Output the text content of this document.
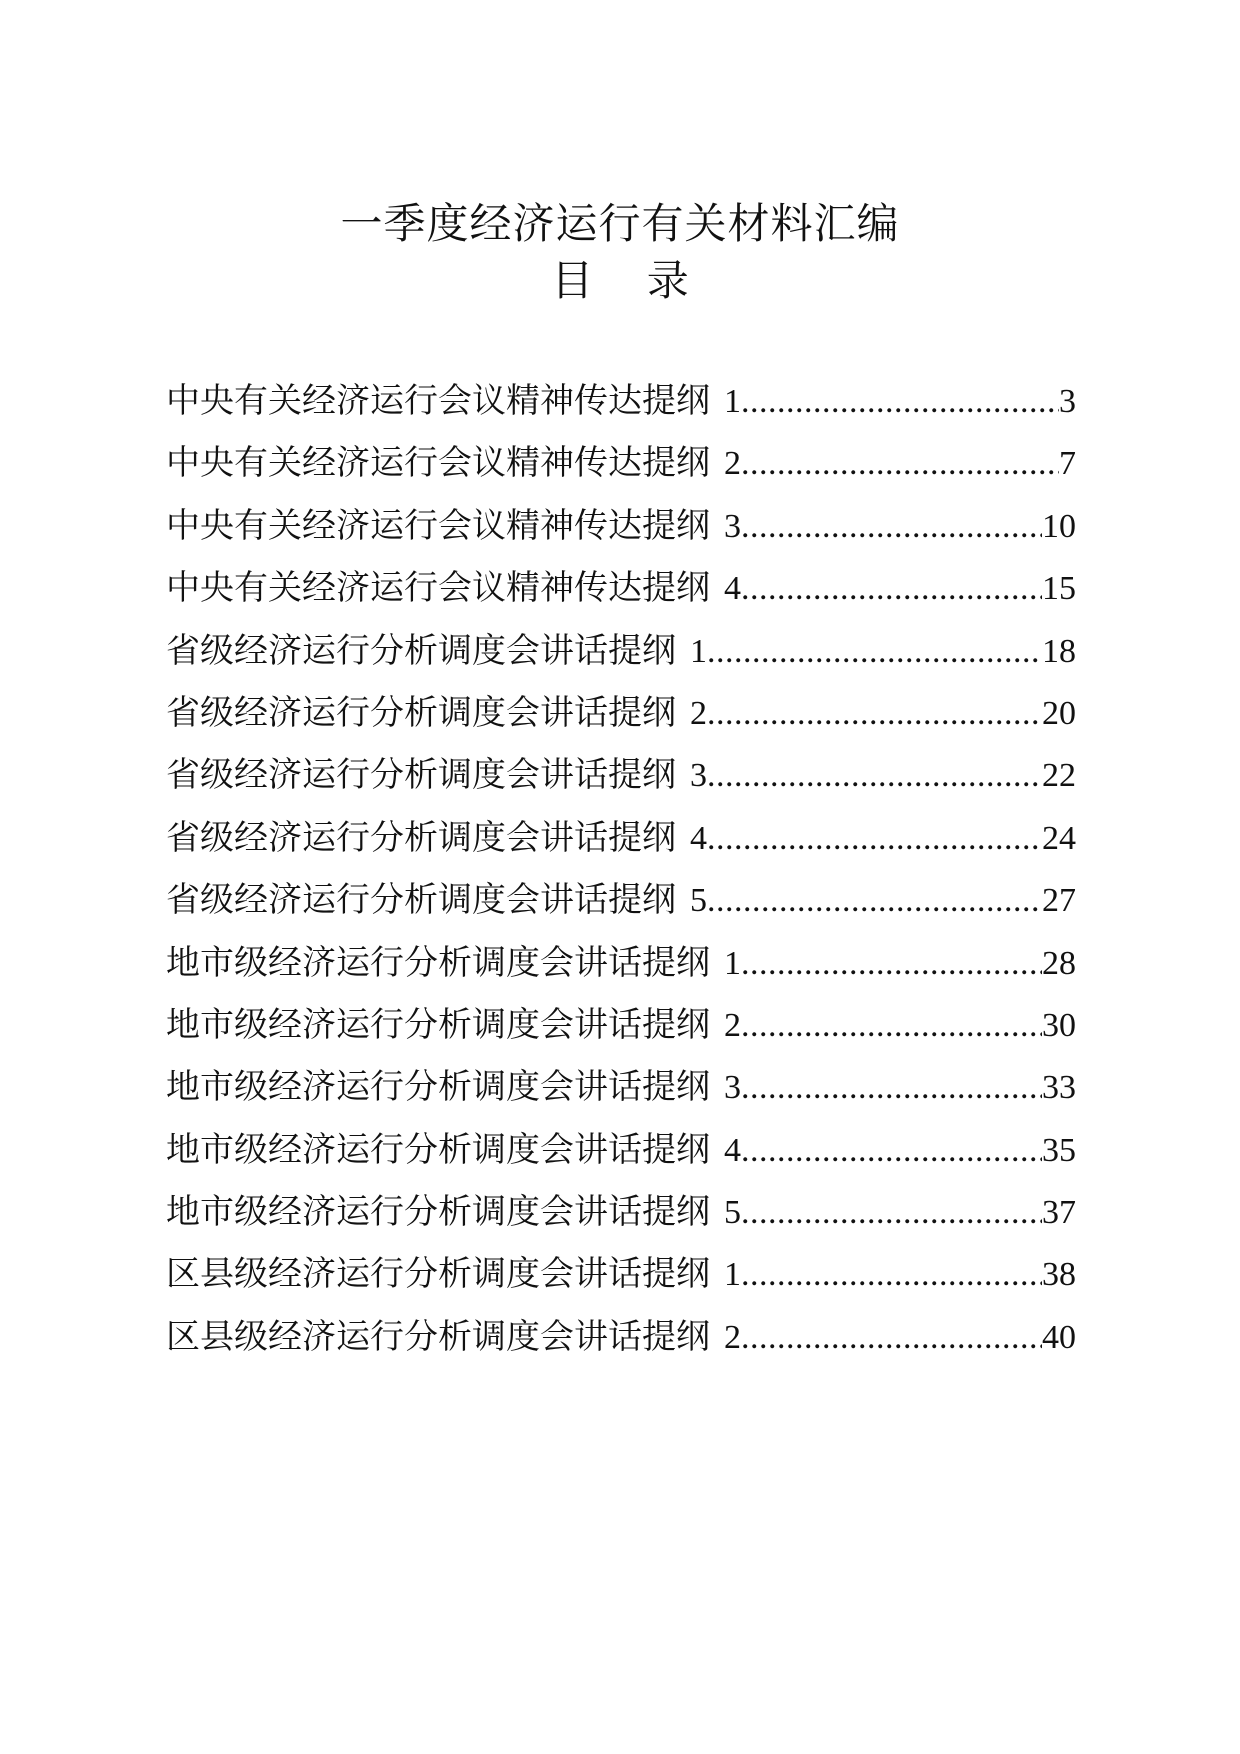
一季度经济运行有关材料汇编
目    录
中央有关经济运行会议精神传达提纲 1 .....	3
中央有关经济运行会议精神传达提纲 2 .....	7
中央有关经济运行会议精神传达提纲 3 .....	10
中央有关经济运行会议精神传达提纲 4 .....	15
省级经济运行分析调度会讲话提纲 1 .....	18
省级经济运行分析调度会讲话提纲 2 .....	20
省级经济运行分析调度会讲话提纲 3 .....	22
省级经济运行分析调度会讲话提纲 4 .....	24
省级经济运行分析调度会讲话提纲 5 .....	27
地市级经济运行分析调度会讲话提纲 1 .....	28
地市级经济运行分析调度会讲话提纲 2 .....	30
地市级经济运行分析调度会讲话提纲 3 .....	33
地市级经济运行分析调度会讲话提纲 4 .....	35
地市级经济运行分析调度会讲话提纲 5 .....	37
区县级经济运行分析调度会讲话提纲 1 .....	38
区县级经济运行分析调度会讲话提纲 2 .....	40
